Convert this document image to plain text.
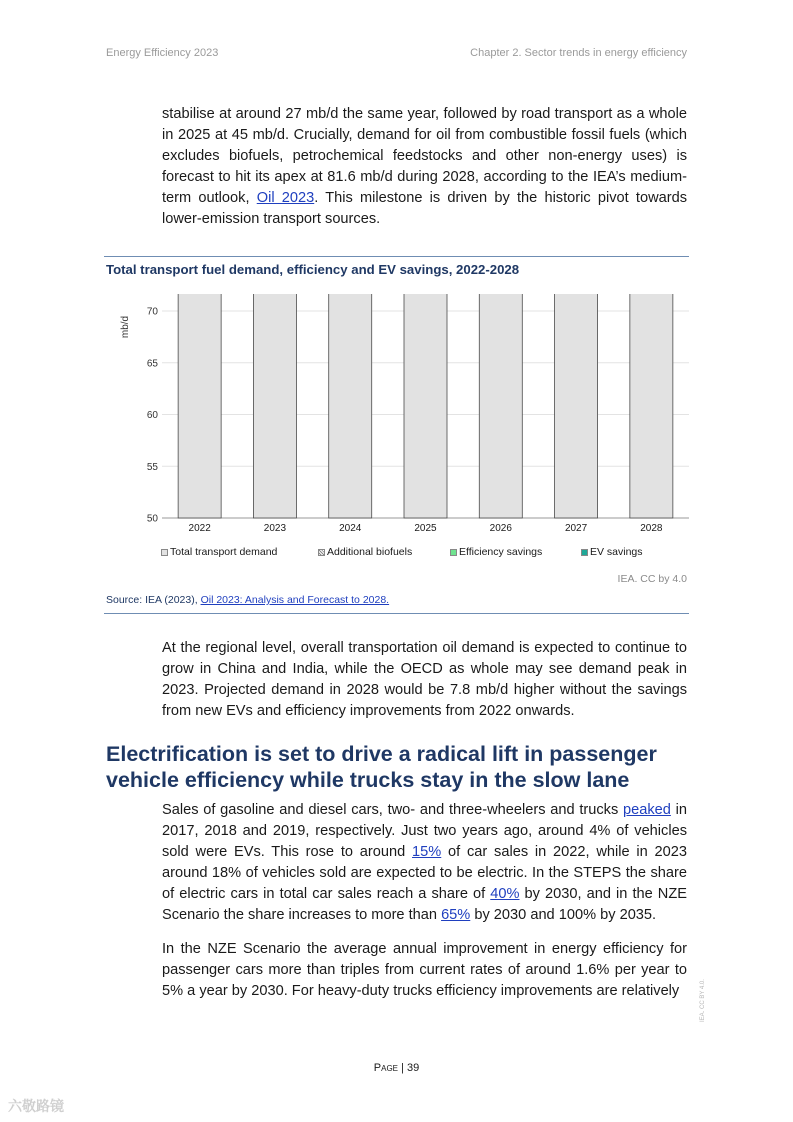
Energy Efficiency 2023	Chapter 2. Sector trends in energy efficiency

stabilise at around 27 mb/d the same year, followed by road transport as a whole in 2025 at 45 mb/d. Crucially, demand for oil from combustible fossil fuels (which excludes biofuels, petrochemical feedstocks and other non-energy uses) is forecast to hit its apex at 81.6 mb/d during 2028, according to the IEA’s medium-term outlook, Oil 2023. This milestone is driven by the historic pivot towards lower-emission transport sources.

Total transport fuel demand, efficiency and EV savings, 2022-2028
50
55
60
65
70
2022	2023	2024	2025	2026	2027	2028
mb/d
Total transport demand	Additional biofuels	Efficiency savings	EV savings
IEA. CC by 4.0
Source: IEA (2023), Oil 2023: Analysis and Forecast to 2028.

At the regional level, overall transportation oil demand is expected to continue to grow in China and India, while the OECD as whole may see demand peak in 2023. Projected demand in 2028 would be 7.8 mb/d higher without the savings from new EVs and efficiency improvements from 2022 onwards.

Electrification is set to drive a radical lift in passenger vehicle efficiency while trucks stay in the slow lane

Sales of gasoline and diesel cars, two- and three-wheelers and trucks peaked in 2017, 2018 and 2019, respectively. Just two years ago, around 4% of vehicles sold were EVs. This rose to around 15% of car sales in 2022, while in 2023 around 18% of vehicles sold are expected to be electric. In the STEPS the share of electric cars in total car sales reach a share of 40% by 2030, and in the NZE Scenario the share increases to more than 65% by 2030 and 100% by 2035.

In the NZE Scenario the average annual improvement in energy efficiency for passenger cars more than triples from current rates of around 1.6% per year to 5% a year by 2030. For heavy-duty trucks efficiency improvements are relatively

Page | 39
IEA. CC BY 4.0.
六敬路镜
